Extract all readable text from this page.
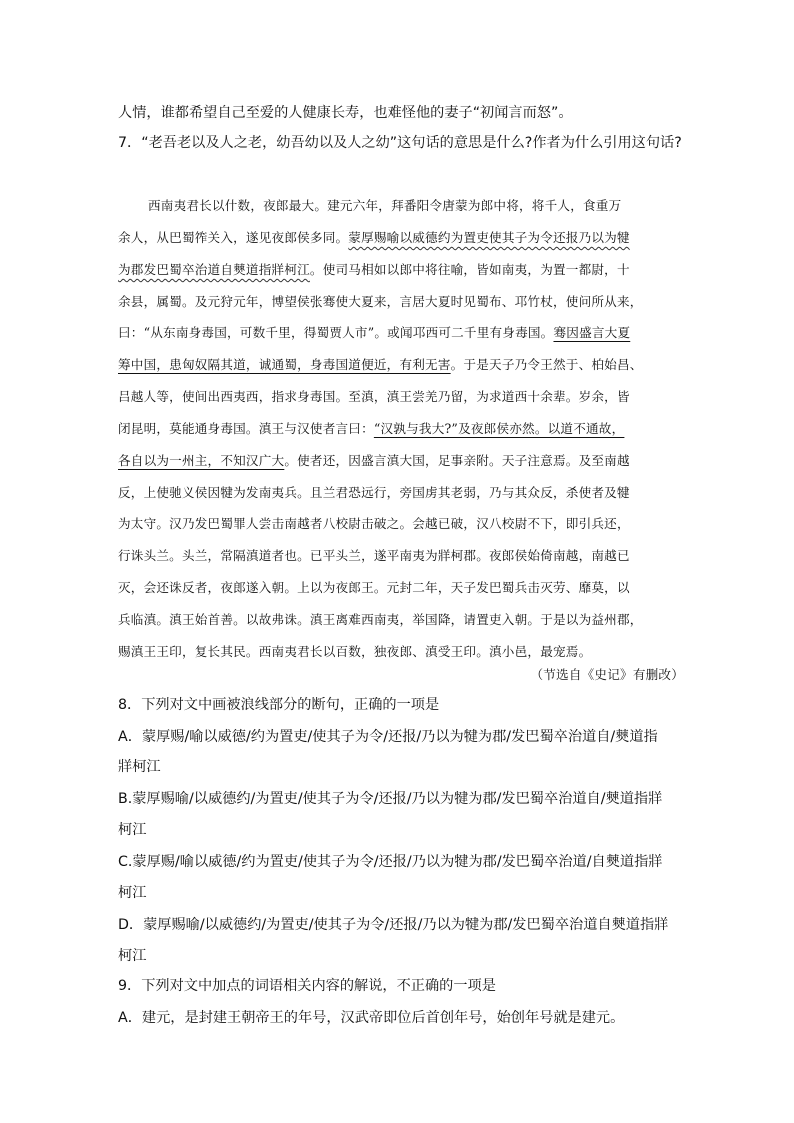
人情，谁都希望自己至爱的人健康长寿，也难怪他的妻子“初闻言而怒”。
7．“老吾老以及人之老，幼吾幼以及人之幼”这句话的意思是什么?作者为什么引用这句话?
西南夷君长以什数，夜郎最大。建元六年，拜番阳令唐蒙为郎中将，将千人，食重万
余人，从巴蜀筰关入，遂见夜郎侯多同。蒙厚赐喻以威德约为置吏使其子为令还报乃以为犍
为郡发巴蜀卒治道自僰道指牂柯江。使司马相如以郎中将往喻，皆如南夷，为置一都尉，十
余县，属蜀。及元狩元年，博望侯张骞使大夏来，言居大夏时见蜀布、邛竹杖，使问所从来，
曰：“从东南身毒国，可数千里，得蜀贾人市”。或闻邛西可二千里有身毒国。骞因盛言大夏
筹中国，患匈奴隔其道，诚通蜀，身毒国道便近，有利无害。于是天子乃令王然于、柏始昌、
吕越人等，使间出西夷西，指求身毒国。至滇，滇王尝羌乃留，为求道西十余辈。岁余，皆
闭昆明，莫能通身毒国。滇王与汉使者言曰：“汉孰与我大?”及夜郎侯亦然。以道不通故，
各自以为一州主，不知汉广大。使者还，因盛言滇大国，足事亲附。天子注意焉。及至南越
反，上使驰义侯因犍为发南夷兵。且兰君恐远行，旁国虏其老弱，乃与其众反，杀使者及犍
为太守。汉乃发巴蜀罪人尝击南越者八校尉击破之。会越已破，汉八校尉不下，即引兵还，
行诛头兰。头兰，常隔滇道者也。已平头兰，遂平南夷为牂柯郡。夜郎侯始倚南越，南越已
灭，会还诛反者，夜郎遂入朝。上以为夜郎王。元封二年，天子发巴蜀兵击灭劳、靡莫，以
兵临滇。滇王始首善。以故弗诛。滇王离难西南夷，举国降，请置吏入朝。于是以为益州郡，
赐滇王王印，复长其民。西南夷君长以百数，独夜郎、滇受王印。滇小邑，最宠焉。
（节选自《史记》有删改）
8．下列对文中画被浪线部分的断句，正确的一项是
A．蒙厚赐/喻以威德/约为置吏/使其子为令/还报/乃以为犍为郡/发巴蜀卒治道自/僰道指
牂柯江
B.蒙厚赐喻/以威德约/为置吏/使其子为令/还报/乃以为犍为郡/发巴蜀卒治道自/僰道指牂
柯江
C.蒙厚赐/喻以威德/约为置吏/使其子为令/还报/乃以为犍为郡/发巴蜀卒治道/自僰道指牂
柯江
D．蒙厚赐喻/以威德约/为置吏/使其子为令/还报/乃以为犍为郡/发巴蜀卒治道自僰道指牂
柯江
9．下列对文中加点的词语相关内容的解说，不正确的一项是
A．建元，是封建王朝帝王的年号，汉武帝即位后首创年号，始创年号就是建元。
